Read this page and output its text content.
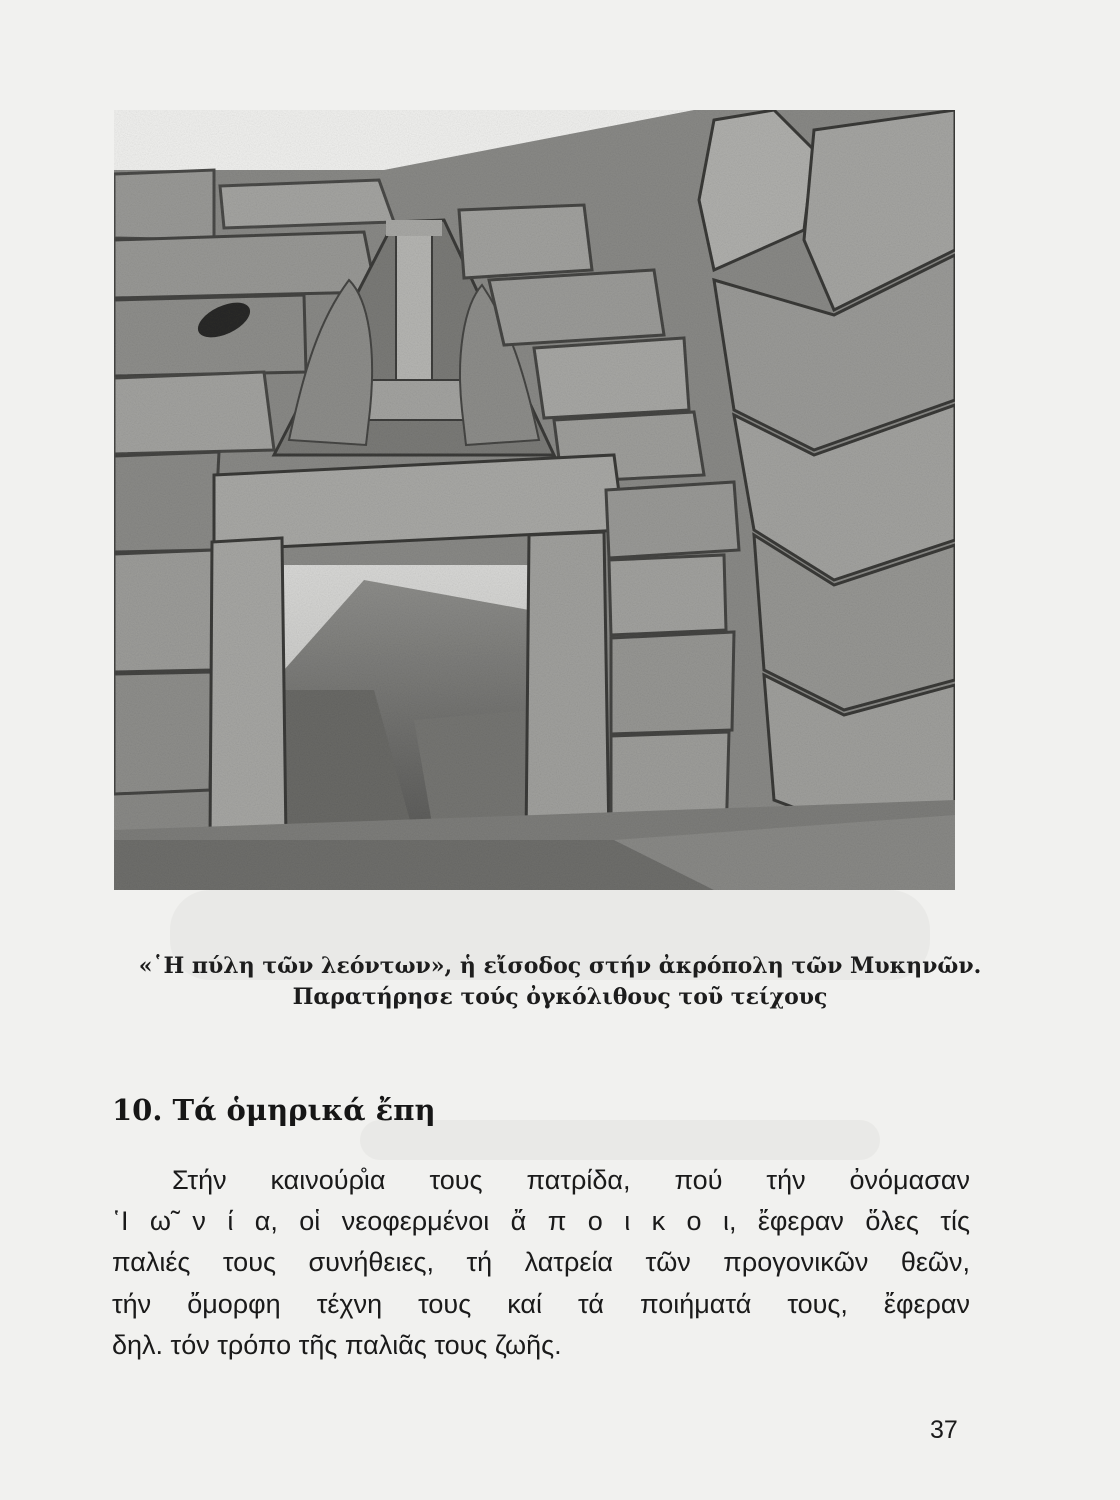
«῾Η πύλη τῶν λεόντων», ἡ εἴσοδος στήν ἀκρόπολη τῶν Μυκηνῶν.
Παρατήρησε τούς ὀγκόλιθους τοῦ τείχους
10. Τά ὁμηρικά ἔπη
Στήν καινούρ̊ια τους πατρίδα, πού τήν ὀνόμασαν
῾Ι ω̃ ν ί α, οἱ νεοφερμένοι ἄ π ο ι κ ο ι, ἔφεραν ὅλες τίς
παλιές τους συνήθειες, τή λατρεία τῶν προγονικῶν θεῶν,
τήν ὄμορφη τέχνη τους καί τά ποιήματά τους, ἔφεραν
δηλ. τόν τρόπο τῆς παλιᾶς τους ζωῆς.
37
